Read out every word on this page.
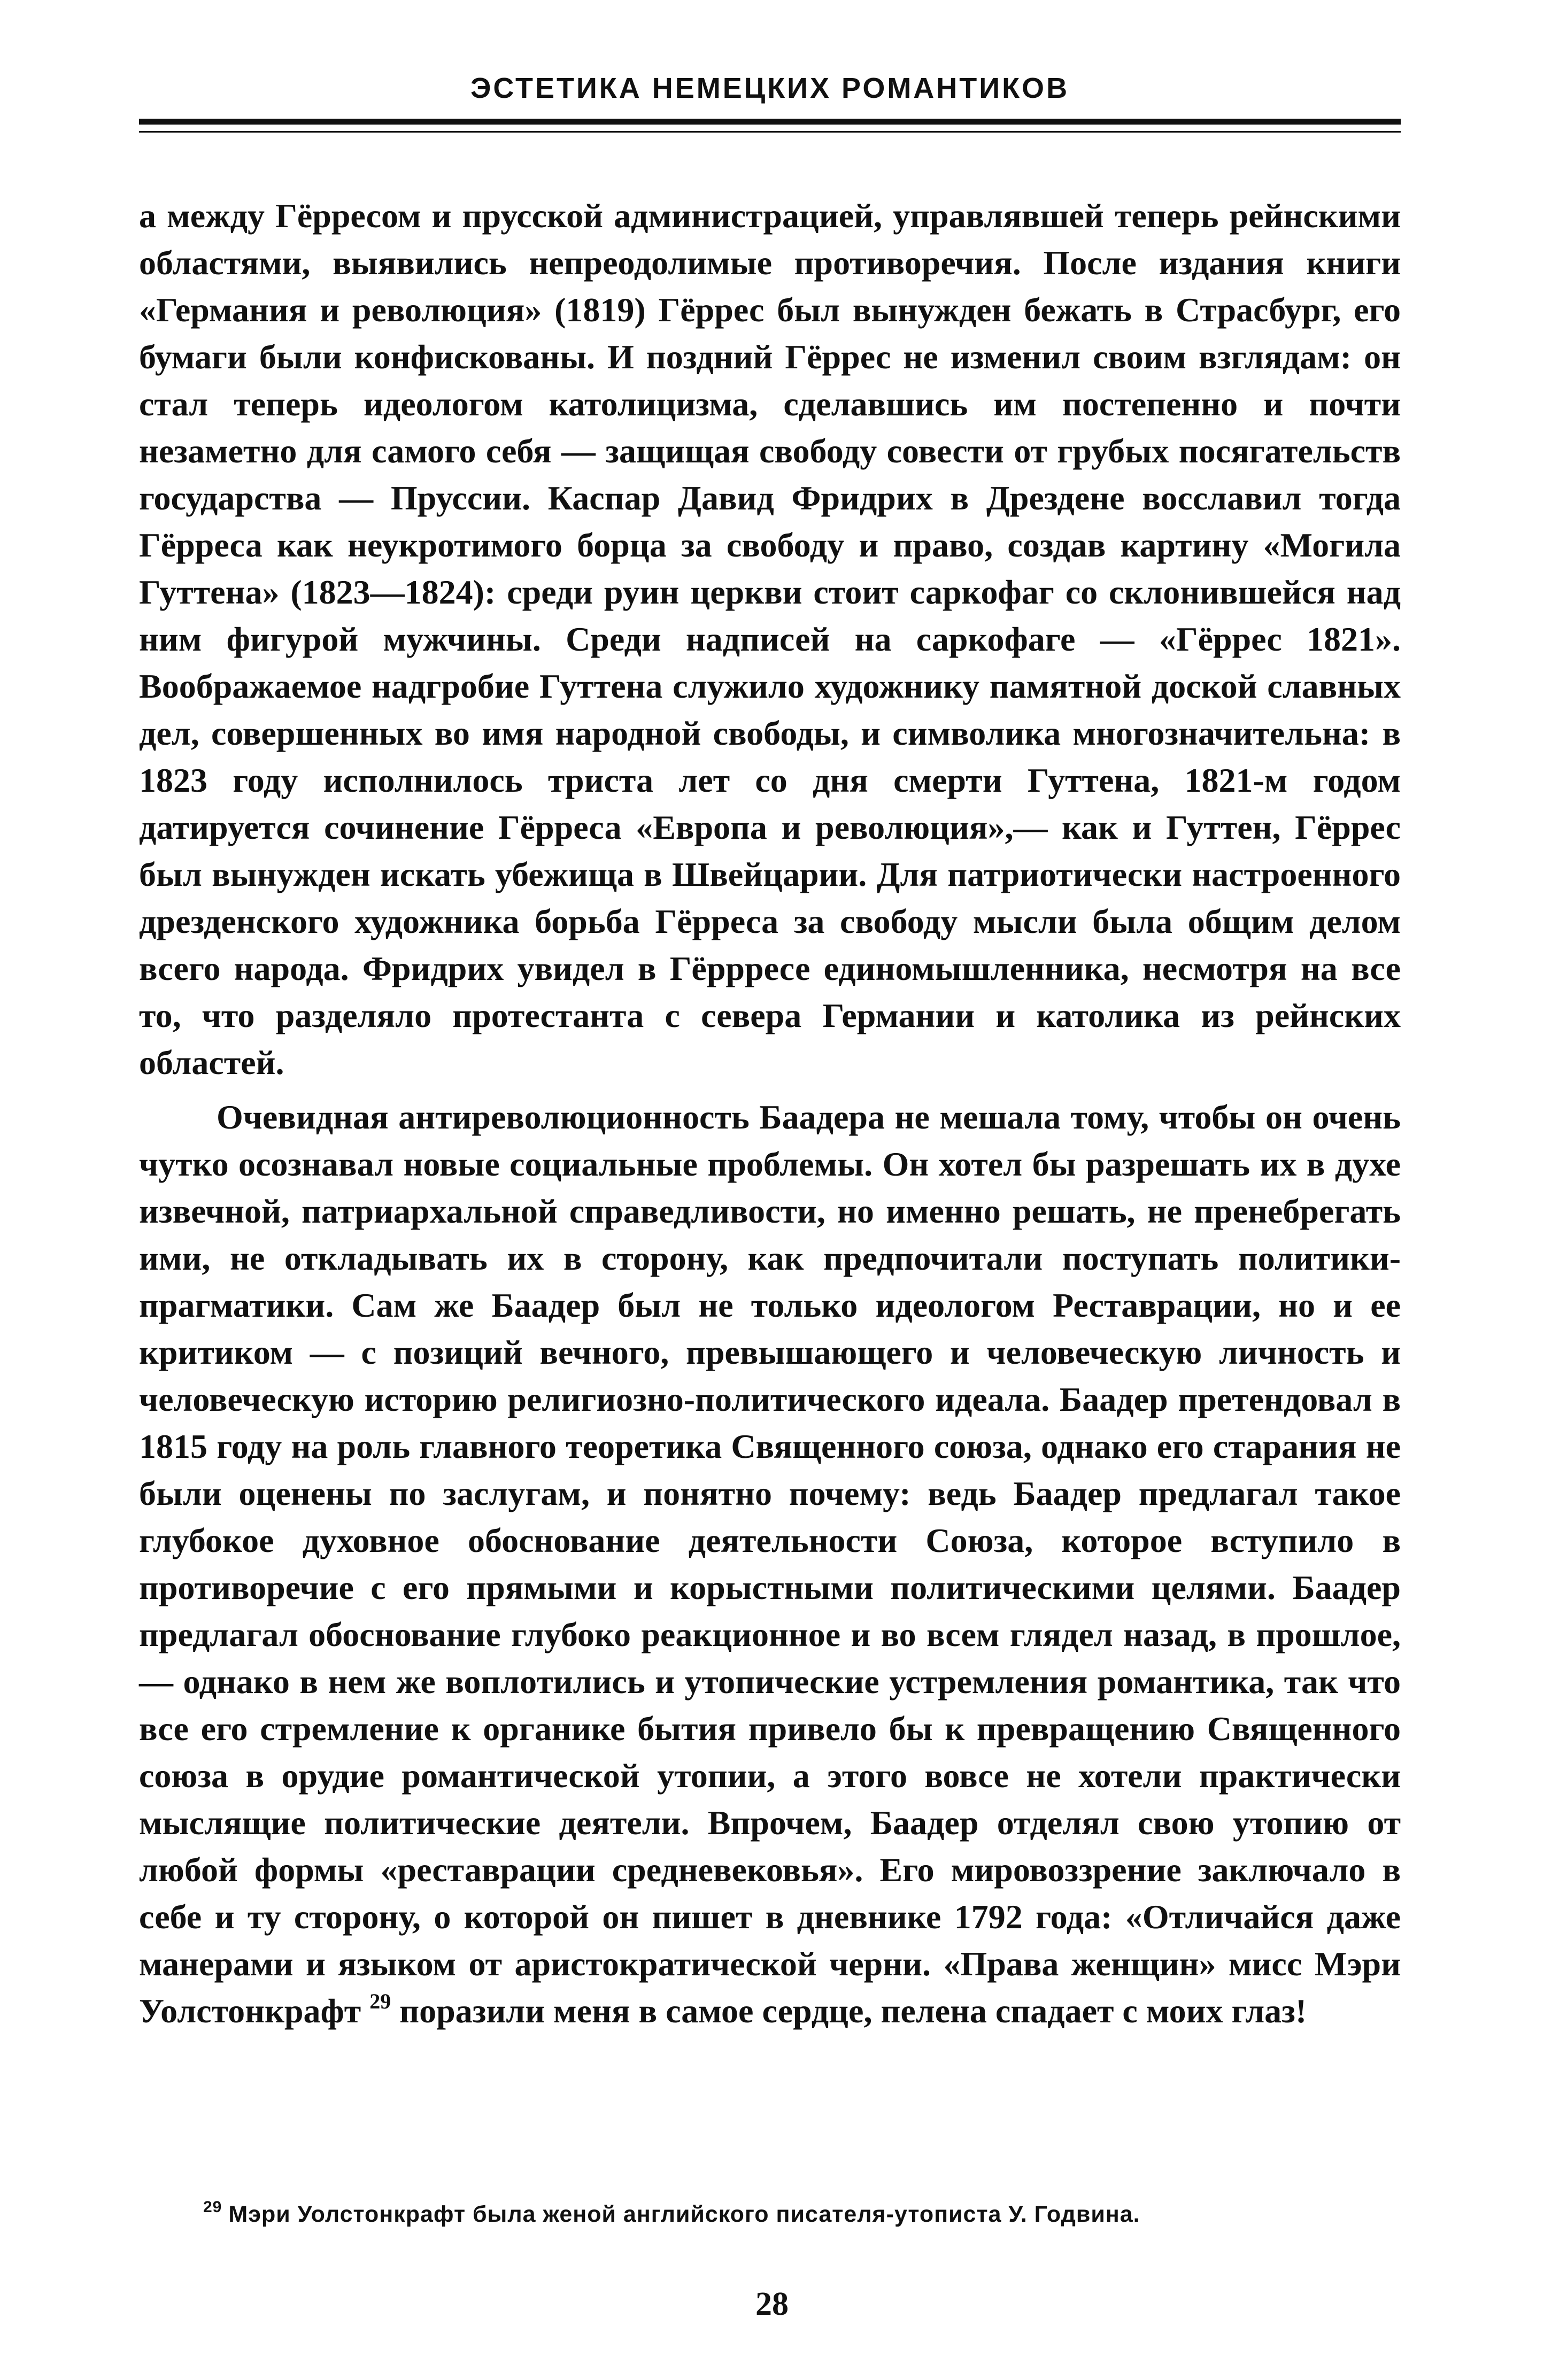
ЭСТЕТИКА НЕМЕЦКИХ РОМАНТИКОВ

а между Гёрресом и прусской администрацией, управлявшей теперь рейнскими областями, выявились непреодолимые противоречия. После издания книги «Германия и революция» (1819) Гёррес был вынужден бежать в Страсбург, его бумаги были конфискованы. И поздний Гёррес не изменил своим взглядам: он стал теперь идеологом католицизма, сделавшись им постепенно и почти незаметно для самого себя — защищая свободу совести от грубых посягательств государства — Пруссии. Каспар Давид Фридрих в Дрездене восславил тогда Гёрреса как неукротимого борца за свободу и право, создав картину «Могила Гуттена» (1823—1824): среди руин церкви стоит саркофаг со склонившейся над ним фигурой мужчины. Среди надписей на саркофаге — «Гёррес 1821». Воображаемое надгробие Гуттена служило художнику памятной доской славных дел, совершенных во имя народной свободы, и символика многозначительна: в 1823 году исполнилось триста лет со дня смерти Гуттена, 1821-м годом датируется сочинение Гёрреса «Европа и революция»,— как и Гуттен, Гёррес был вынужден искать убежища в Швейцарии. Для патриотически настроенного дрезденского художника борьба Гёрреса за свободу мысли была общим делом всего народа. Фридрих увидел в Гёррресе единомышленника, несмотря на все то, что разделяло протестанта с севера Германии и католика из рейнских областей.

Очевидная антиреволюционность Баадера не мешала тому, чтобы он очень чутко осознавал новые социальные проблемы. Он хотел бы разрешать их в духе извечной, патриархальной справедливости, но именно решать, не пренебрегать ими, не откладывать их в сторону, как предпочитали поступать политики-прагматики. Сам же Баадер был не только идеологом Реставрации, но и ее критиком — с позиций вечного, превышающего и человеческую личность и человеческую историю религиозно-политического идеала. Баадер претендовал в 1815 году на роль главного теоретика Священного союза, однако его старания не были оценены по заслугам, и понятно почему: ведь Баадер предлагал такое глубокое духовное обоснование деятельности Союза, которое вступило в противоречие с его прямыми и корыстными политическими целями. Баадер предлагал обоснование глубоко реакционное и во всем глядел назад, в прошлое,— однако в нем же воплотились и утопические устремления романтика, так что все его стремление к органике бытия привело бы к превращению Священного союза в орудие романтической утопии, а этого вовсе не хотели практически мыслящие политические деятели. Впрочем, Баадер отделял свою утопию от любой формы «реставрации средневековья». Его мировоззрение заключало в себе и ту сторону, о которой он пишет в дневнике 1792 года: «Отличайся даже манерами и языком от аристократической черни. «Права женщин» мисс Мэри Уолстонкрафт $^{29}$ поразили меня в самое сердце, пелена спадает с моих глаз!

$^{29}$ Мэри Уолстонкрафт была женой английского писателя-утописта У. Годвина.
28
